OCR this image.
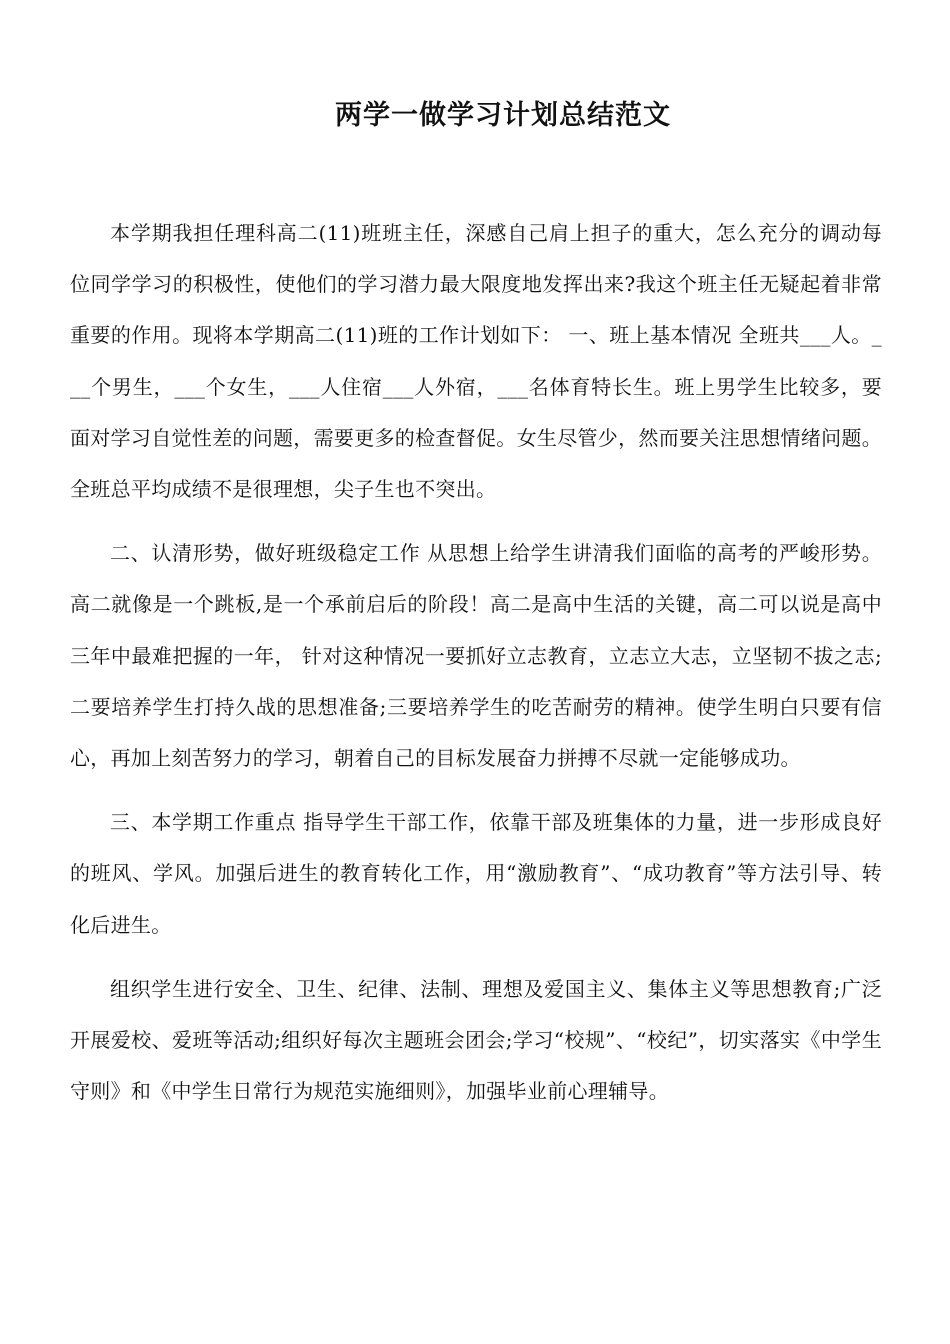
两学一做学习计划总结范文

本学期我担任理科高二(11)班班主任，深感自己肩上担子的重大，怎么充分的调动每位同学学习的积极性，使他们的学习潜力最大限度地发挥出来?我这个班主任无疑起着非常重要的作用。现将本学期高二(11)班的工作计划如下： 一、班上基本情况 全班共___人。___个男生，___个女生，___人住宿___人外宿，___名体育特长生。班上男学生比较多，要面对学习自觉性差的问题，需要更多的检查督促。女生尽管少，然而要关注思想情绪问题。全班总平均成绩不是很理想，尖子生也不突出。

二、认清形势，做好班级稳定工作 从思想上给学生讲清我们面临的高考的严峻形势。高二就像是一个跳板,是一个承前启后的阶段！高二是高中生活的关键，高二可以说是高中三年中最难把握的一年， 针对这种情况一要抓好立志教育，立志立大志，立坚韧不拔之志;二要培养学生打持久战的思想准备;三要培养学生的吃苦耐劳的精神。使学生明白只要有信心，再加上刻苦努力的学习，朝着自己的目标发展奋力拼搏不尽就一定能够成功。

三、本学期工作重点 指导学生干部工作，依靠干部及班集体的力量，进一步形成良好的班风、学风。加强后进生的教育转化工作，用“激励教育”、“成功教育”等方法引导、转化后进生。

组织学生进行安全、卫生、纪律、法制、理想及爱国主义、集体主义等思想教育;广泛开展爱校、爱班等活动;组织好每次主题班会团会;学习“校规”、“校纪”，切实落实《中学生守则》和《中学生日常行为规范实施细则》，加强毕业前心理辅导。
